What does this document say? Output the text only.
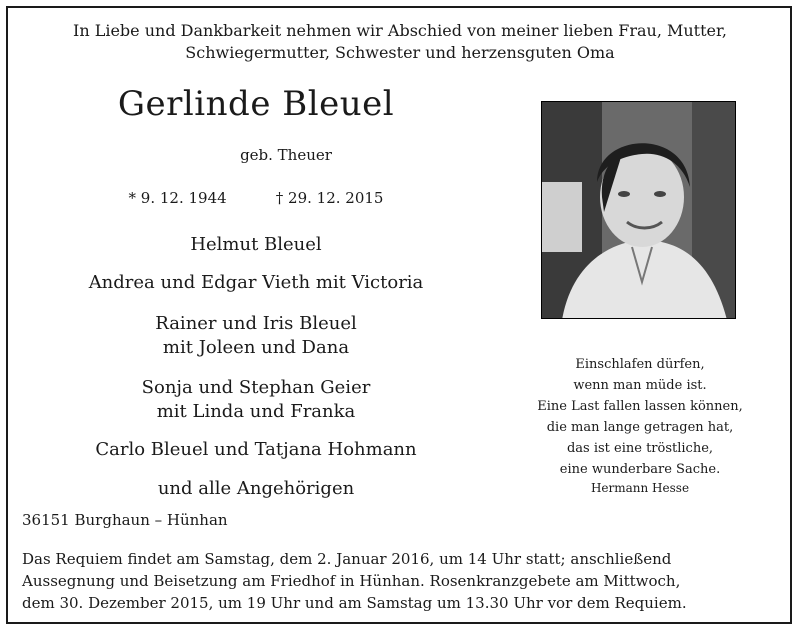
In Liebe und Dankbarkeit nehmen wir Abschied von meiner lieben Frau, Mutter,
Schwiegermutter, Schwester und herzensguten Oma
Gerlinde Bleuel
geb. Theuer
* 9. 12. 1944	† 29. 12. 2015
Helmut Bleuel
Andrea und Edgar Vieth mit Victoria
Rainer und Iris Bleuel
mit Joleen und Dana
Sonja und Stephan Geier
mit Linda und Franka
Carlo Bleuel und Tatjana Hohmann
und alle Angehörigen
Einschlafen dürfen,
wenn man müde ist.
Eine Last fallen lassen können,
die man lange getragen hat,
das ist eine tröstliche,
eine wunderbare Sache.
Hermann Hesse
36151 Burghaun – Hünhan
Das Requiem findet am Samstag, dem 2. Januar 2016, um 14 Uhr statt; anschließend
Aussegnung und Beisetzung am Friedhof in Hünhan. Rosenkranzgebete am Mittwoch,
dem 30. Dezember 2015, um 19 Uhr und am Samstag um 13.30 Uhr vor dem Requiem.
